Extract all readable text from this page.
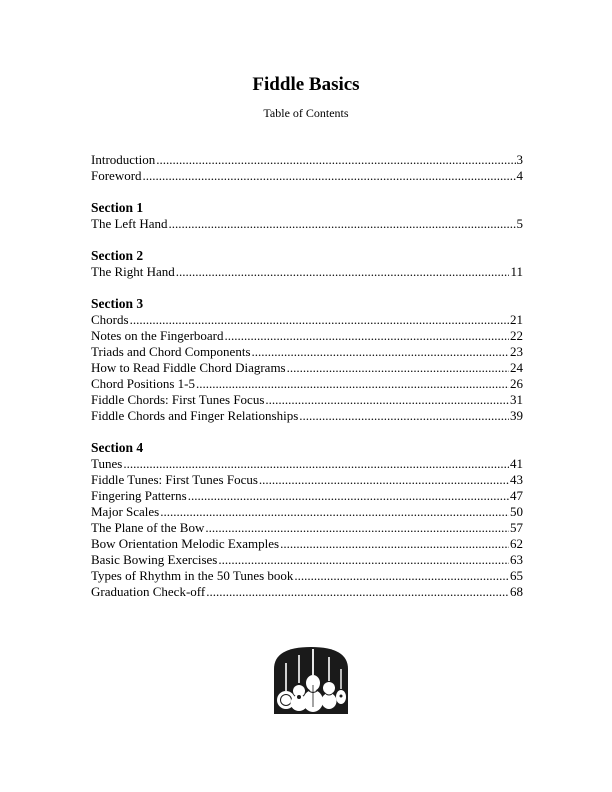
Fiddle Basics
Table of Contents
Introduction .....	3
Foreword .....	4
Section 1
The Left Hand .....	5
Section 2
The Right Hand .....	11
Section 3
Chords .....	21
Notes on the Fingerboard .....	22
Triads and Chord Components .....	23
How to Read Fiddle Chord Diagrams .....	24
Chord Positions 1-5 .....	26
Fiddle Chords: First Tunes Focus .....	31
Fiddle Chords and Finger Relationships .....	39
Section 4
Tunes .....	41
Fiddle Tunes: First Tunes Focus .....	43
Fingering Patterns .....	47
Major Scales .....	50
The Plane of the Bow .....	57
Bow Orientation Melodic Examples .....	62
Basic Bowing Exercises .....	63
Types of Rhythm in the 50 Tunes book .....	65
Graduation Check-off .....	68
